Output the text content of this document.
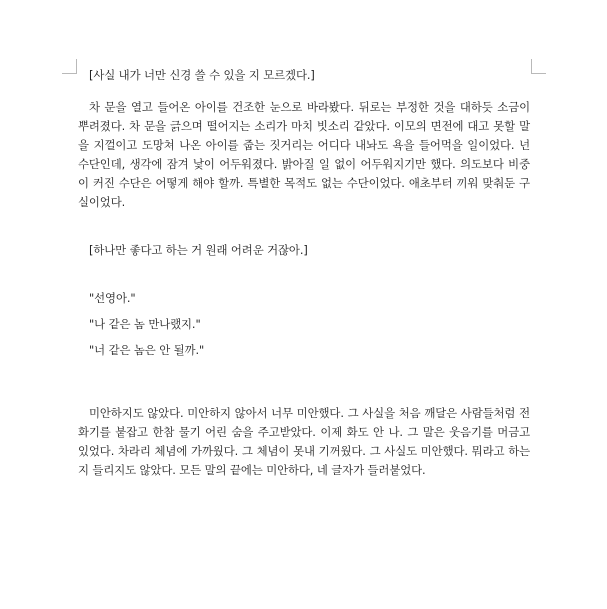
[사실 내가 너만 신경 쓸 수 있을 지 모르겠다.]

차 문을 열고 들어온 아이를 건조한 눈으로 바라봤다. 뒤로는 부정한 것을 대하듯 소금이 뿌려졌다. 차 문을 긁으며 떨어지는 소리가 마치 빗소리 같았다. 이모의 면전에 대고 못할 말을 지껄이고 도망쳐 나온 아이를 줍는 짓거리는 어디다 내놔도 욕을 들어먹을 일이었다. 넌 수단인데, 생각에 잠겨 낯이 어두워졌다. 밝아질 일 없이 어두워지기만 했다. 의도보다 비중이 커진 수단은 어떻게 해야 할까. 특별한 목적도 없는 수단이었다. 애초부터 끼워 맞춰둔 구실이었다.

[하나만 좋다고 하는 거 원래 어려운 거잖아.]

"선영아."

"나 같은 놈 만나랬지."

"너 같은 놈은 안 될까."

미안하지도 않았다. 미안하지 않아서 너무 미안했다. 그 사실을 처음 깨달은 사람들처럼 전화기를 붙잡고 한참 물기 어린 숨을 주고받았다. 이제 화도 안 나. 그 말은 웃음기를 머금고 있었다. 차라리 체념에 가까웠다. 그 체념이 못내 기꺼웠다. 그 사실도 미안했다. 뭐라고 하는지 들리지도 않았다. 모든 말의 끝에는 미안하다, 네 글자가 들러붙었다.
